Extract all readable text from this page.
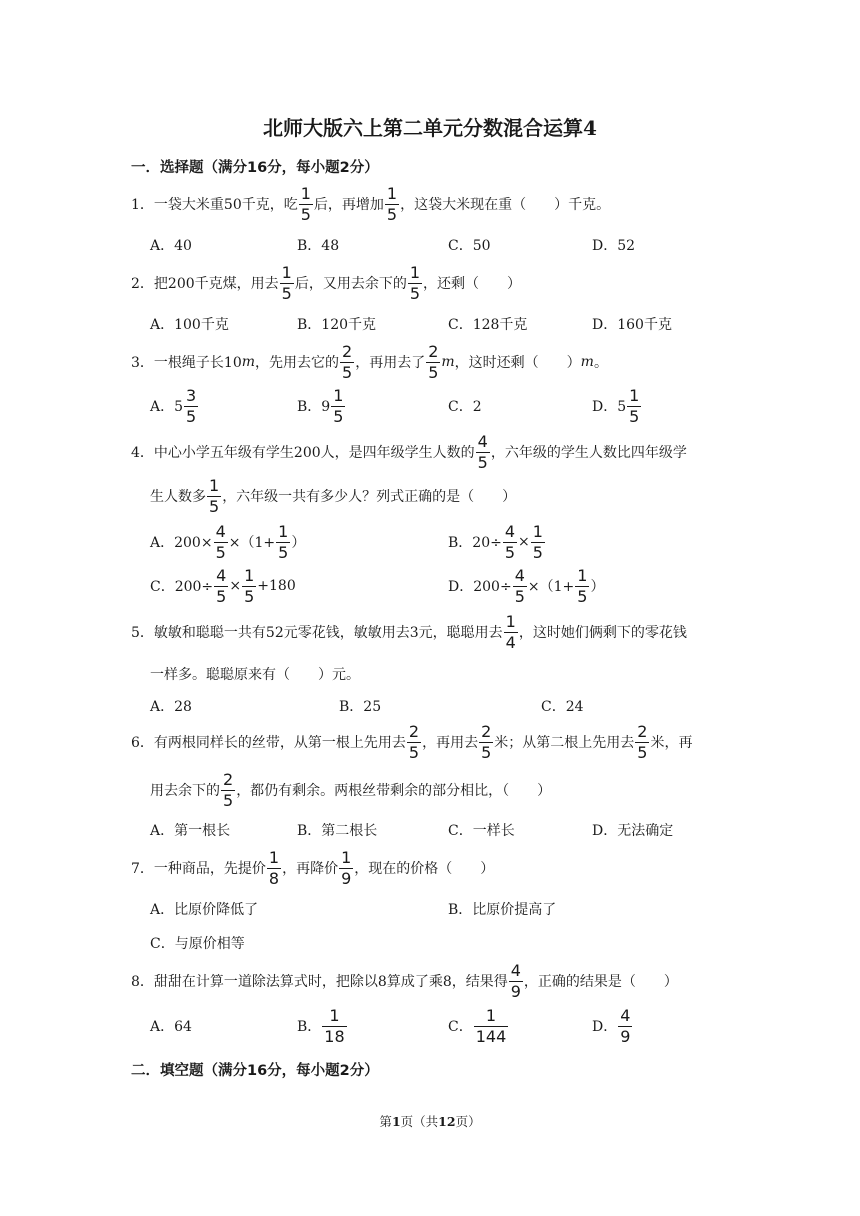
北师大版六上第二单元分数混合运算4
一．选择题（满分16分，每小题2分）
1．一袋大米重50千克，吃 $\frac{1}{5}$ 后，再增加 $\frac{1}{5}$ ，这袋大米现在重（　　）千克。
A．40	B．48	C．50	D．52
2．把200千克煤，用去 $\frac{1}{5}$ 后，又用去余下的 $\frac{1}{5}$ ，还剩（　　）
A．100千克	B．120千克	C．128千克	D．160千克
3．一根绳子长10 m ，先用去它的 $\frac{2}{5}$ ，再用去了 $\frac{2}{5}$ m ，这时还剩（　　） m 。
A．$5 \frac{3}{5}$	B．$9 \frac{1}{5}$	C．2	D．$5 \frac{1}{5}$
4．中心小学五年级有学生200人，是四年级学生人数的 $\frac{4}{5}$ ，六年级的学生人数比四年级学
生人数多 $\frac{1}{5}$ ，六年级一共有多少人？列式正确的是（　　）
A．$200\times \frac{4}{5} \times(1+ \frac{1}{5}$ ）	B．$20\div \frac{4}{5} \times \frac{1}{5}$
C．$200\div \frac{4}{5} \times \frac{1}{5} +180$	D．$200\div \frac{4}{5} \times(1+ \frac{1}{5}$ ）
5．敏敏和聪聪一共有52元零花钱，敏敏用去3元，聪聪用去 $\frac{1}{4}$ ，这时她们俩剩下的零花钱
一样多。聪聪原来有（　　）元。
A．28	B．25	C．24
6．有两根同样长的丝带，从第一根上先用去 $\frac{2}{5}$ ，再用去 $\frac{2}{5}$ 米；从第二根上先用去 $\frac{2}{5}$ 米，再
用去余下的 $\frac{2}{5}$ ，都仍有剩余。两根丝带剩余的部分相比，（　　）
A．第一根长	B．第二根长	C．一样长	D．无法确定
7．一种商品，先提价 $\frac{1}{8}$ ，再降价 $\frac{1}{9}$ ，现在的价格（　　）
A．比原价降低了	B．比原价提高了
C．与原价相等
8．甜甜在计算一道除法算式时，把除以8算成了乘8，结果得 $\frac{4}{9}$ ，正确的结果是（　　）
A．64	B． $\frac{1}{18}$	C． $\frac{1}{144}$	D． $\frac{4}{9}$
二．填空题（满分16分，每小题2分）
第1页（共12页）
